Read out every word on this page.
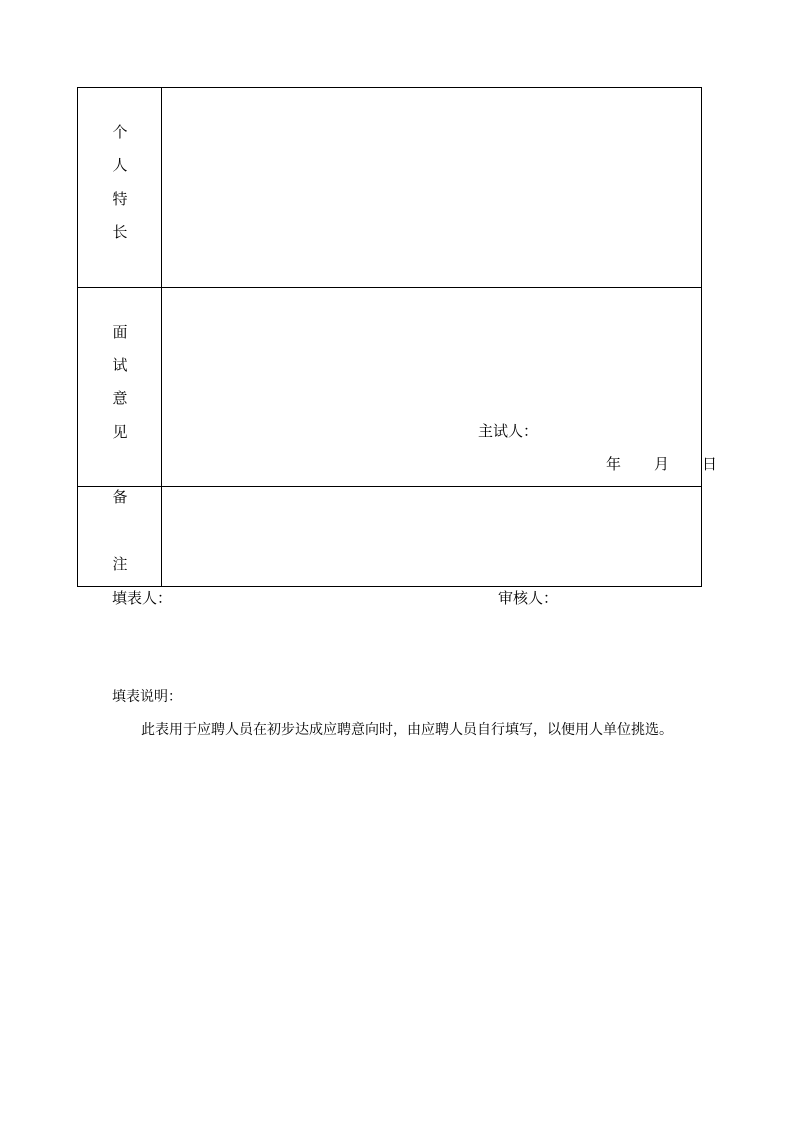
个
人
特
长
面
试
意
见	主试人：
年 月 日
备
注
填表人：	审核人：
填表说明：
此表用于应聘人员在初步达成应聘意向时，由应聘人员自行填写，以便用人单位挑选。
